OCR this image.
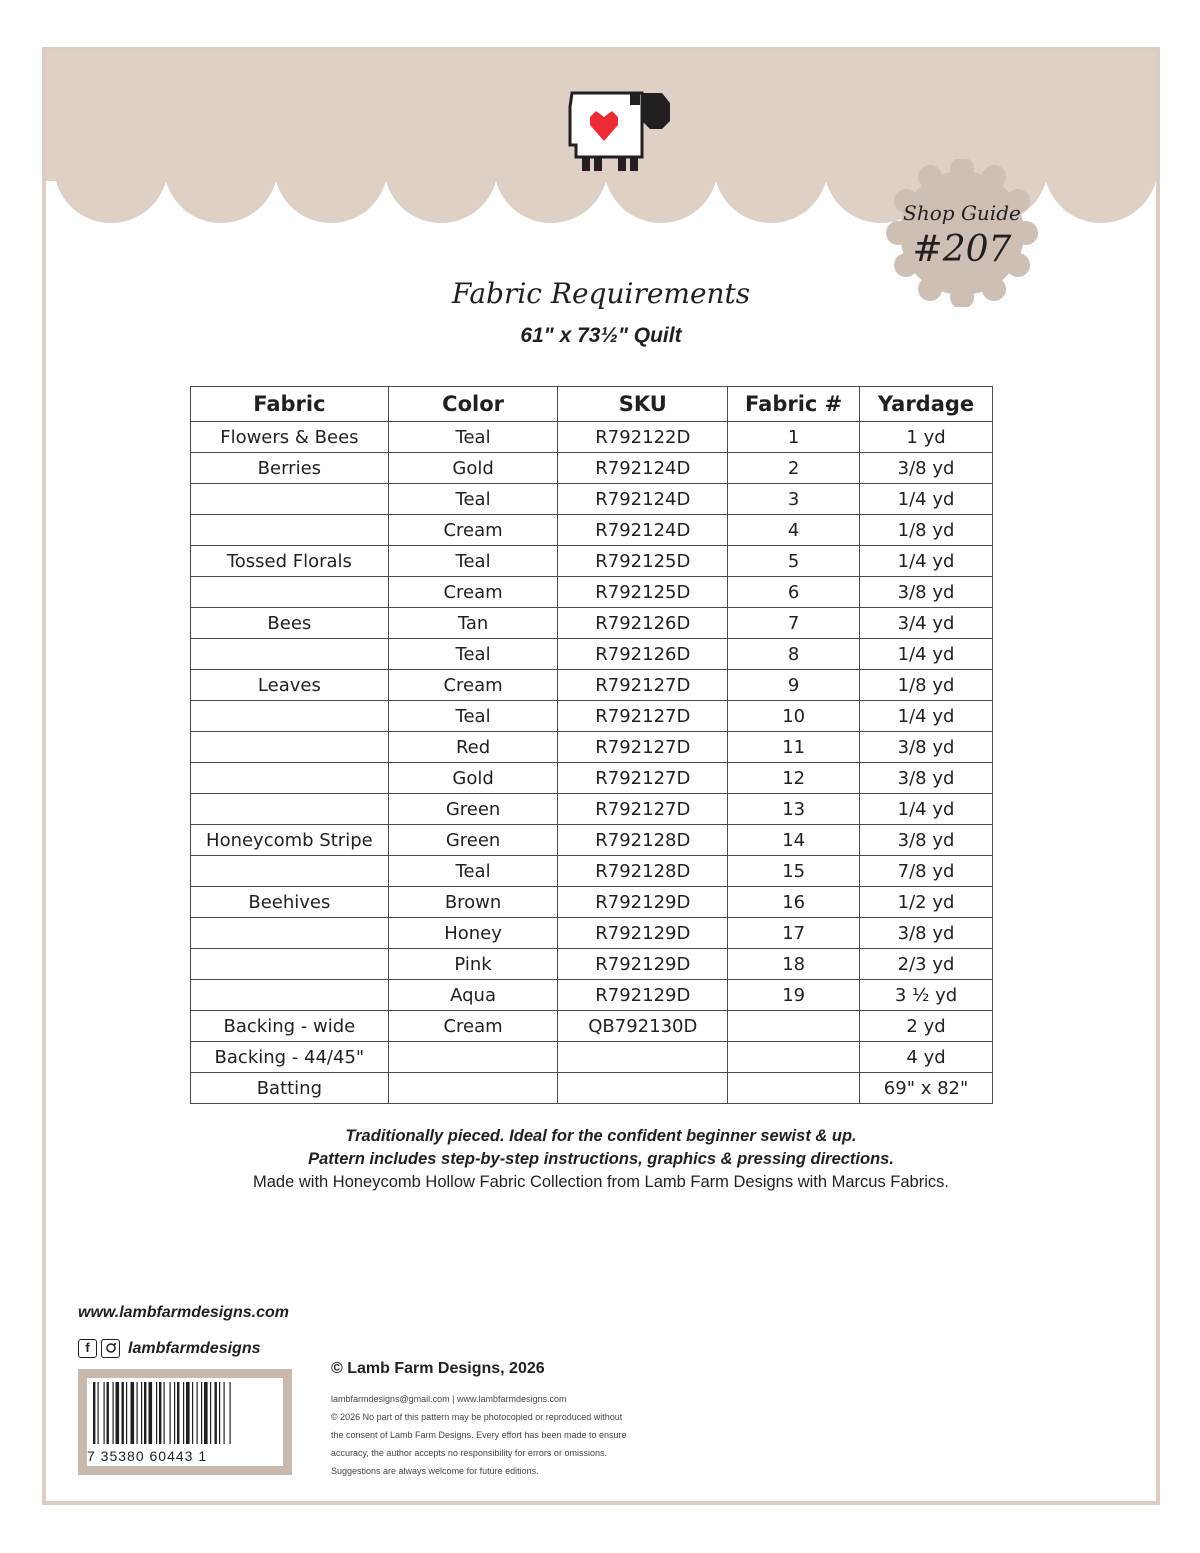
Shop Guide
#207
Fabric Requirements
61" x 73½" Quilt
Fabric	Color	SKU	Fabric #	Yardage
Flowers & Bees	Teal	R792122D	1	1 yd
Berries	Gold	R792124D	2	3/8 yd
	Teal	R792124D	3	1/4 yd
	Cream	R792124D	4	1/8 yd
Tossed Florals	Teal	R792125D	5	1/4 yd
	Cream	R792125D	6	3/8 yd
Bees	Tan	R792126D	7	3/4 yd
	Teal	R792126D	8	1/4 yd
Leaves	Cream	R792127D	9	1/8 yd
	Teal	R792127D	10	1/4 yd
	Red	R792127D	11	3/8 yd
	Gold	R792127D	12	3/8 yd
	Green	R792127D	13	1/4 yd
Honeycomb Stripe	Green	R792128D	14	3/8 yd
	Teal	R792128D	15	7/8 yd
Beehives	Brown	R792129D	16	1/2 yd
	Honey	R792129D	17	3/8 yd
	Pink	R792129D	18	2/3 yd
	Aqua	R792129D	19	3 ½ yd
Backing - wide	Cream	QB792130D		2 yd
Backing - 44/45"				4 yd
Batting				69" x 82"
Traditionally pieced. Ideal for the confident beginner sewist & up.
Pattern includes step-by-step instructions, graphics & pressing directions.
Made with Honeycomb Hollow Fabric Collection from Lamb Farm Designs with Marcus Fabrics.
www.lambfarmdesigns.com
f	lambfarmdesigns
7 35380 60443 1
© Lamb Farm Designs, 2026
lambfarmdesigns@gmail.com | www.lambfarmdesigns.com
© 2026 No part of this pattern may be photocopied or reproduced without
the consent of Lamb Farm Designs. Every effort has been made to ensure
accuracy, the author accepts no responsibility for errors or omissions.
Suggestions are always welcome for future editions.
